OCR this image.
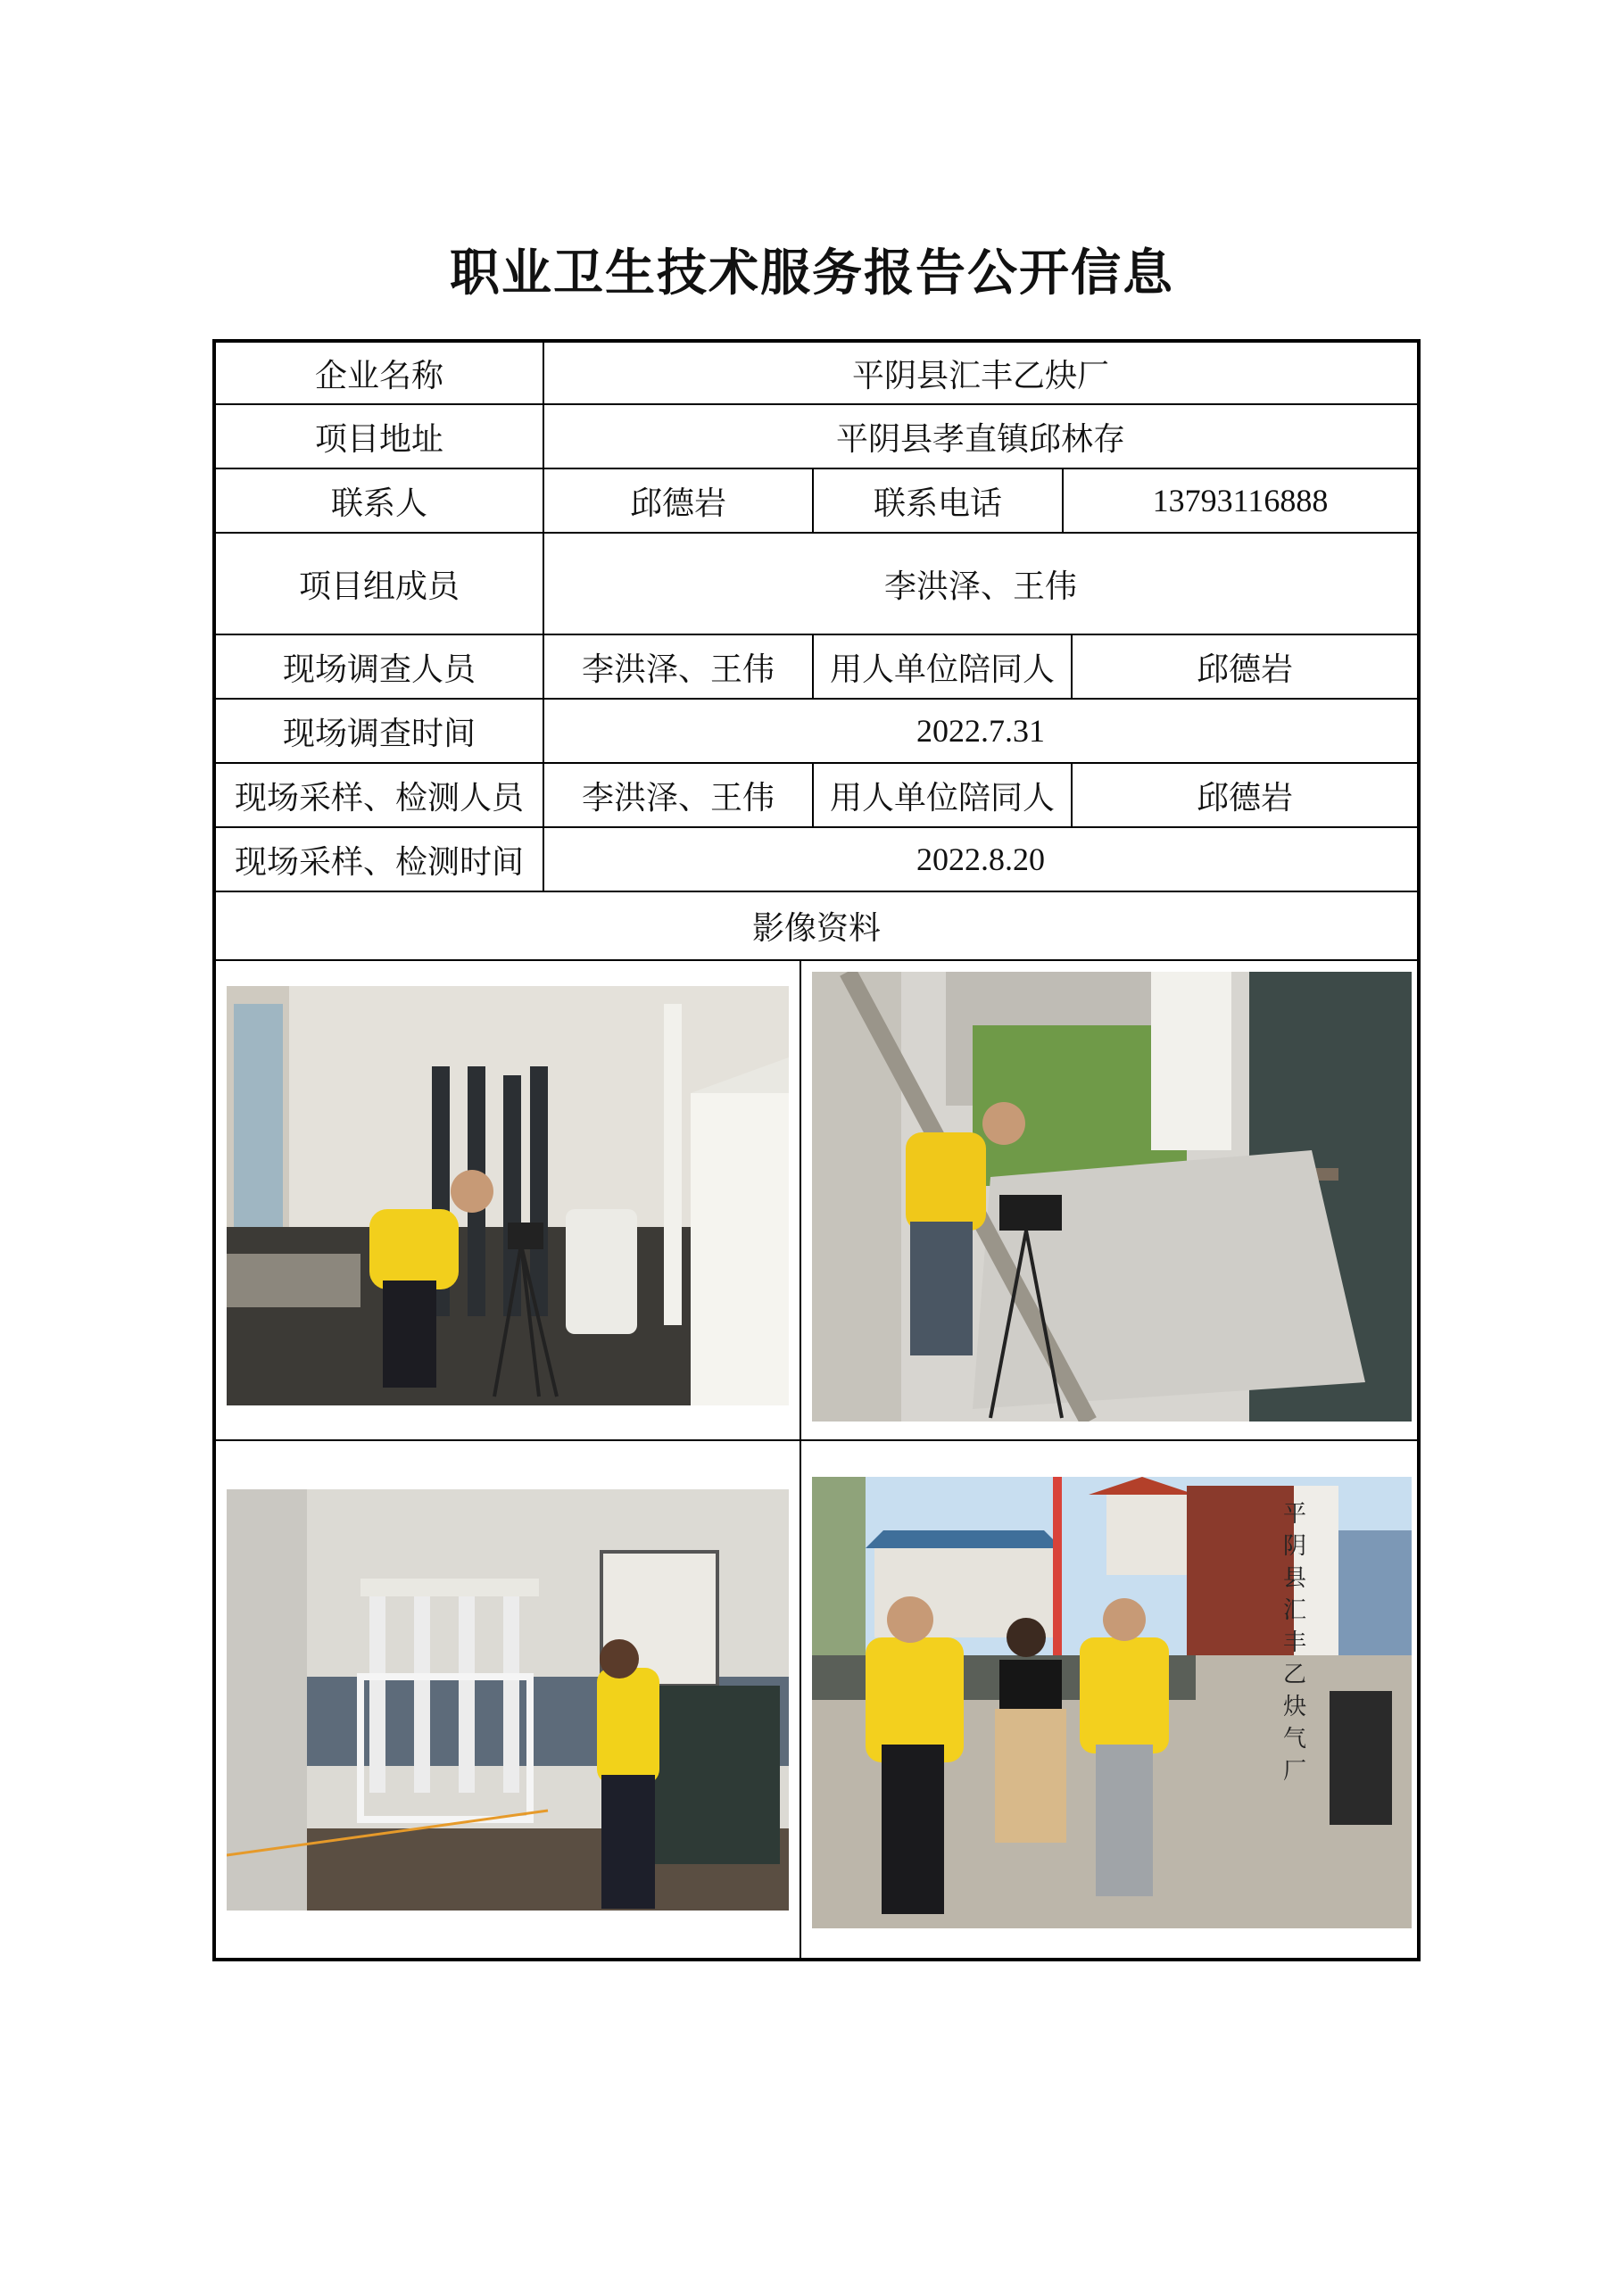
职业卫生技术服务报告公开信息
企业名称	平阴县汇丰乙炔厂
项目地址	平阴县孝直镇邱林存
联系人	邱德岩	联系电话	13793116888
项目组成员	李洪泽、王伟
现场调查人员	李洪泽、王伟	用人单位陪同人	邱德岩
现场调查时间	2022.7.31
现场采样、检测人员	李洪泽、王伟	用人单位陪同人	邱德岩
现场采样、检测时间	2022.8.20
影像资料
平阴县汇丰乙炔气厂
